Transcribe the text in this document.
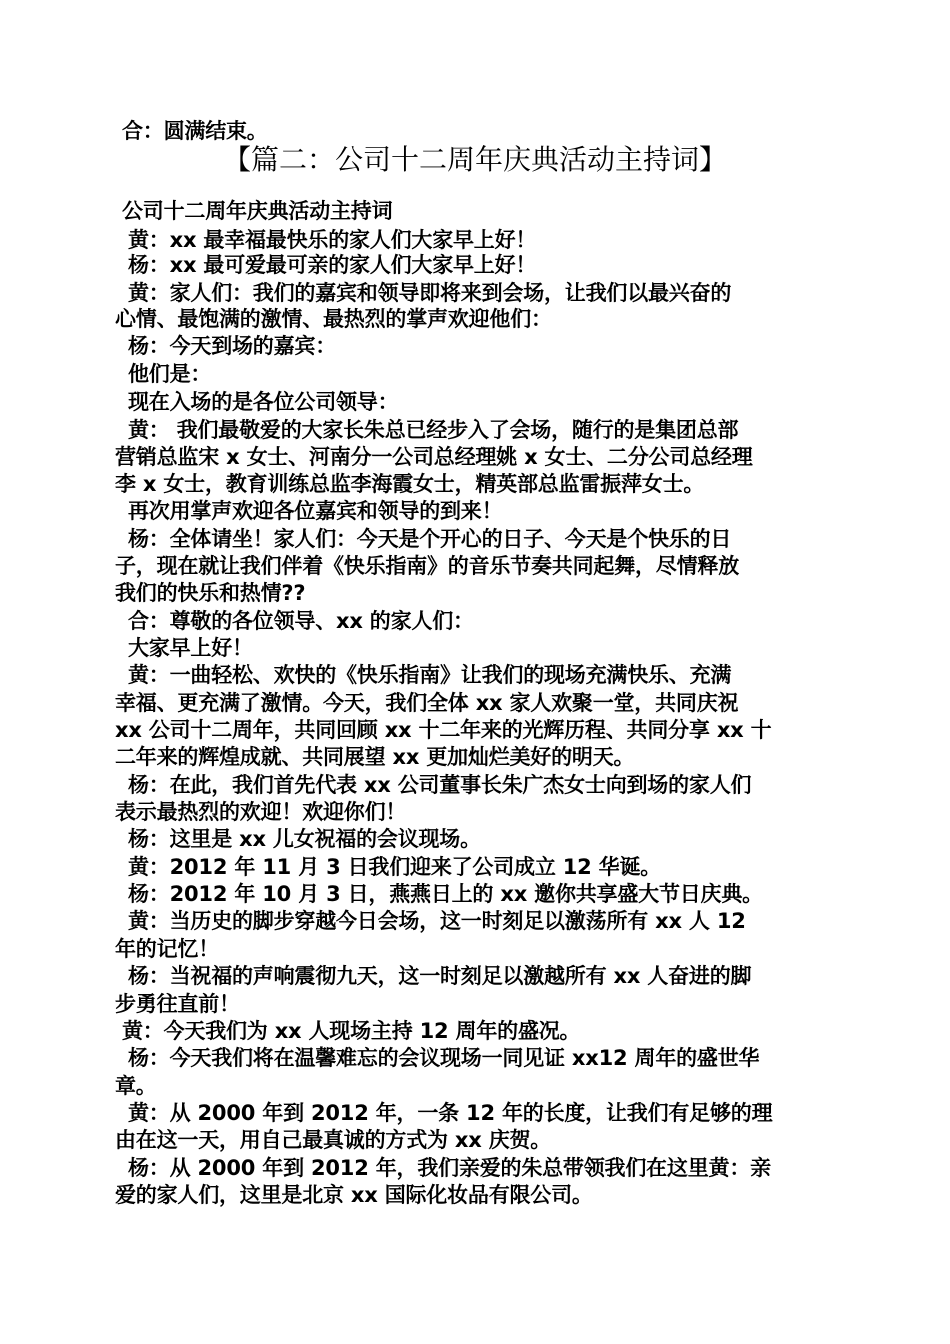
合：圆满结束。
【篇二：公司十二周年庆典活动主持词】
公司十二周年庆典活动主持词
黄：xx 最幸福最快乐的家人们大家早上好！
杨：xx 最可爱最可亲的家人们大家早上好！
黄：家人们：我们的嘉宾和领导即将来到会场，让我们以最兴奋的
心情、最饱满的激情、最热烈的掌声欢迎他们：
杨：今天到场的嘉宾：
他们是：
现在入场的是各位公司领导：
黄： 我们最敬爱的大家长朱总已经步入了会场，随行的是集团总部
营销总监宋 x 女士、河南分一公司总经理姚 x 女士、二分公司总经理
李 x 女士，教育训练总监李海霞女士，精英部总监雷振萍女士。
再次用掌声欢迎各位嘉宾和领导的到来！
杨：全体请坐！家人们：今天是个开心的日子、今天是个快乐的日
子，现在就让我们伴着《快乐指南》的音乐节奏共同起舞，尽情释放
我们的快乐和热情??
合：尊敬的各位领导、xx 的家人们：
大家早上好！
黄：一曲轻松、欢快的《快乐指南》让我们的现场充满快乐、充满
幸福、更充满了激情。今天，我们全体 xx 家人欢聚一堂，共同庆祝
xx 公司十二周年，共同回顾 xx 十二年来的光辉历程、共同分享 xx 十
二年来的辉煌成就、共同展望 xx 更加灿烂美好的明天。
杨：在此，我们首先代表 xx 公司董事长朱广杰女士向到场的家人们
表示最热烈的欢迎！欢迎你们！
杨：这里是 xx 儿女祝福的会议现场。
黄：2012 年 11 月 3 日我们迎来了公司成立 12 华诞。
杨：2012 年 10 月 3 日，燕燕日上的 xx 邀你共享盛大节日庆典。
黄：当历史的脚步穿越今日会场，这一时刻足以激荡所有 xx 人 12
年的记忆！
杨：当祝福的声响震彻九天，这一时刻足以激越所有 xx 人奋进的脚
步勇往直前！
黄：今天我们为 xx 人现场主持 12 周年的盛况。
杨：今天我们将在温馨难忘的会议现场一同见证 xx12 周年的盛世华
章。
黄：从 2000 年到 2012 年，一条 12 年的长度，让我们有足够的理
由在这一天，用自己最真诚的方式为 xx 庆贺。
杨：从 2000 年到 2012 年，我们亲爱的朱总带领我们在这里黄：亲
爱的家人们，这里是北京 xx 国际化妆品有限公司。
